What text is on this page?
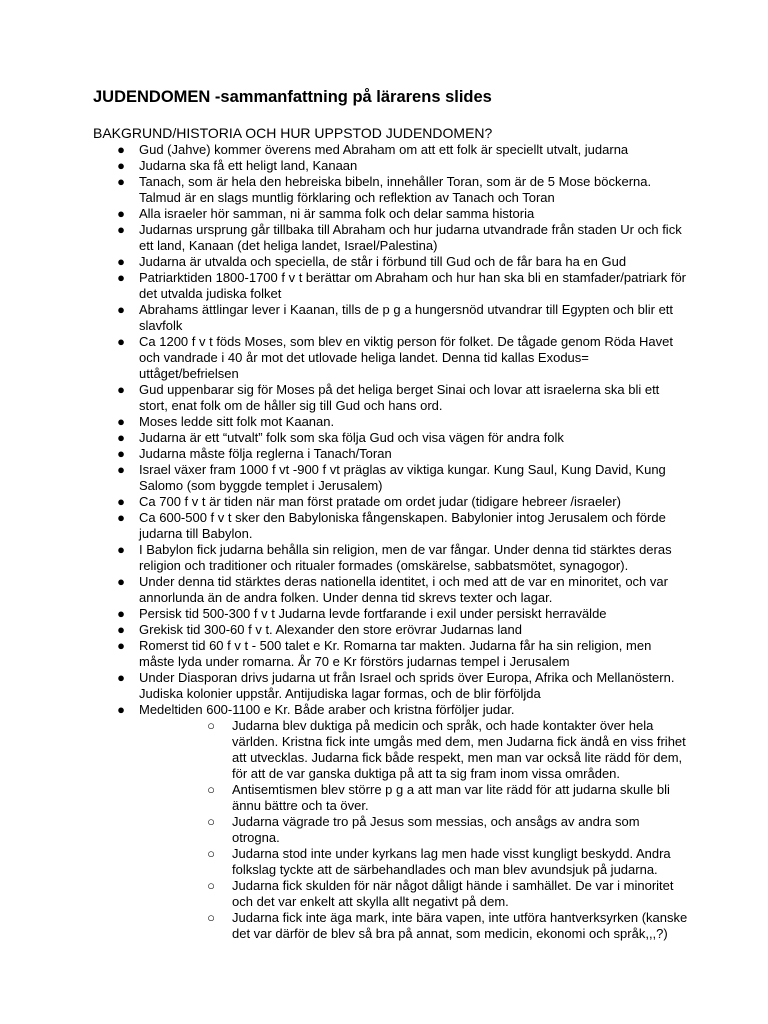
JUDENDOMEN -sammanfattning på lärarens slides
BAKGRUND/HISTORIA OCH HUR UPPSTOD JUDENDOMEN?
● Gud (Jahve) kommer överens med Abraham om att ett folk är speciellt utvalt, judarna
● Judarna ska få ett heligt land, Kanaan
● Tanach, som är hela den hebreiska bibeln, innehåller Toran, som är de 5 Mose böckerna. Talmud är en slags muntlig förklaring och reflektion av Tanach och Toran
● Alla israeler hör samman, ni är samma folk och delar samma historia
● Judarnas ursprung går tillbaka till Abraham och hur judarna utvandrade från staden Ur och fick ett land, Kanaan (det heliga landet, Israel/Palestina)
● Judarna är utvalda och speciella, de står i förbund till Gud och de får bara ha en Gud
● Patriarktiden 1800-1700 f v t berättar om Abraham och hur han ska bli en stamfader/patriark för det utvalda judiska folket
● Abrahams ättlingar lever i Kaanan, tills de p g a hungersnöd utvandrar till Egypten och blir ett slavfolk
● Ca 1200 f v t föds Moses, som blev en viktig person för folket. De tågade genom Röda Havet och vandrade i 40 år mot det utlovade heliga landet. Denna tid kallas Exodus= uttåget/befrielsen
● Gud uppenbarar sig för Moses på det heliga berget Sinai och lovar att israelerna ska bli ett stort, enat folk om de håller sig till Gud och hans ord.
● Moses ledde sitt folk mot Kaanan.
● Judarna är ett “utvalt” folk som ska följa Gud och visa vägen för andra folk
● Judarna måste följa reglerna i Tanach/Toran
● Israel växer fram 1000 f vt -900 f vt präglas av viktiga kungar. Kung Saul, Kung David, Kung Salomo (som byggde templet i Jerusalem)
● Ca 700 f v t är tiden när man först pratade om ordet judar (tidigare hebreer /israeler)
● Ca 600-500 f v t sker den Babyloniska fångenskapen. Babylonier intog Jerusalem och förde judarna till Babylon.
● I Babylon fick judarna behålla sin religion, men de var fångar. Under denna tid stärktes deras religion och traditioner och ritualer formades (omskärelse, sabbatsmötet, synagogor).
● Under denna tid stärktes deras nationella identitet, i och med att de var en minoritet, och var annorlunda än de andra folken. Under denna tid skrevs texter och lagar.
● Persisk tid 500-300 f v t Judarna levde fortfarande i exil under persiskt herravälde
● Grekisk tid 300-60 f v t. Alexander den store erövrar Judarnas land
● Romerst tid 60 f v t - 500 talet e Kr. Romarna tar makten. Judarna får ha sin religion, men måste lyda under romarna. År 70 e Kr förstörs judarnas tempel i Jerusalem
● Under Diasporan drivs judarna ut från Israel och sprids över Europa, Afrika och Mellanöstern. Judiska kolonier uppstår. Antijudiska lagar formas, och de blir förföljda
● Medeltiden 600-1100 e Kr. Både araber och kristna förföljer judar.
○ Judarna blev duktiga på medicin och språk, och hade kontakter över hela världen. Kristna fick inte umgås med dem, men Judarna fick ändå en viss frihet att utvecklas. Judarna fick både respekt, men man var också lite rädd för dem, för att de var ganska duktiga på att ta sig fram inom vissa områden.
○ Antisemtismen blev större p g a att man var lite rädd för att judarna skulle bli ännu bättre och ta över.
○ Judarna vägrade tro på Jesus som messias, och ansågs av andra som otrogna.
○ Judarna stod inte under kyrkans lag men hade visst kungligt beskydd. Andra folkslag tyckte att de särbehandlades och man blev avundsjuk på judarna.
○ Judarna fick skulden för när något dåligt hände i samhället. De var i minoritet och det var enkelt att skylla allt negativt på dem.
○ Judarna fick inte äga mark, inte bära vapen, inte utföra hantverksyrken (kanske det var därför de blev så bra på annat, som medicin, ekonomi och språk,,,?)
